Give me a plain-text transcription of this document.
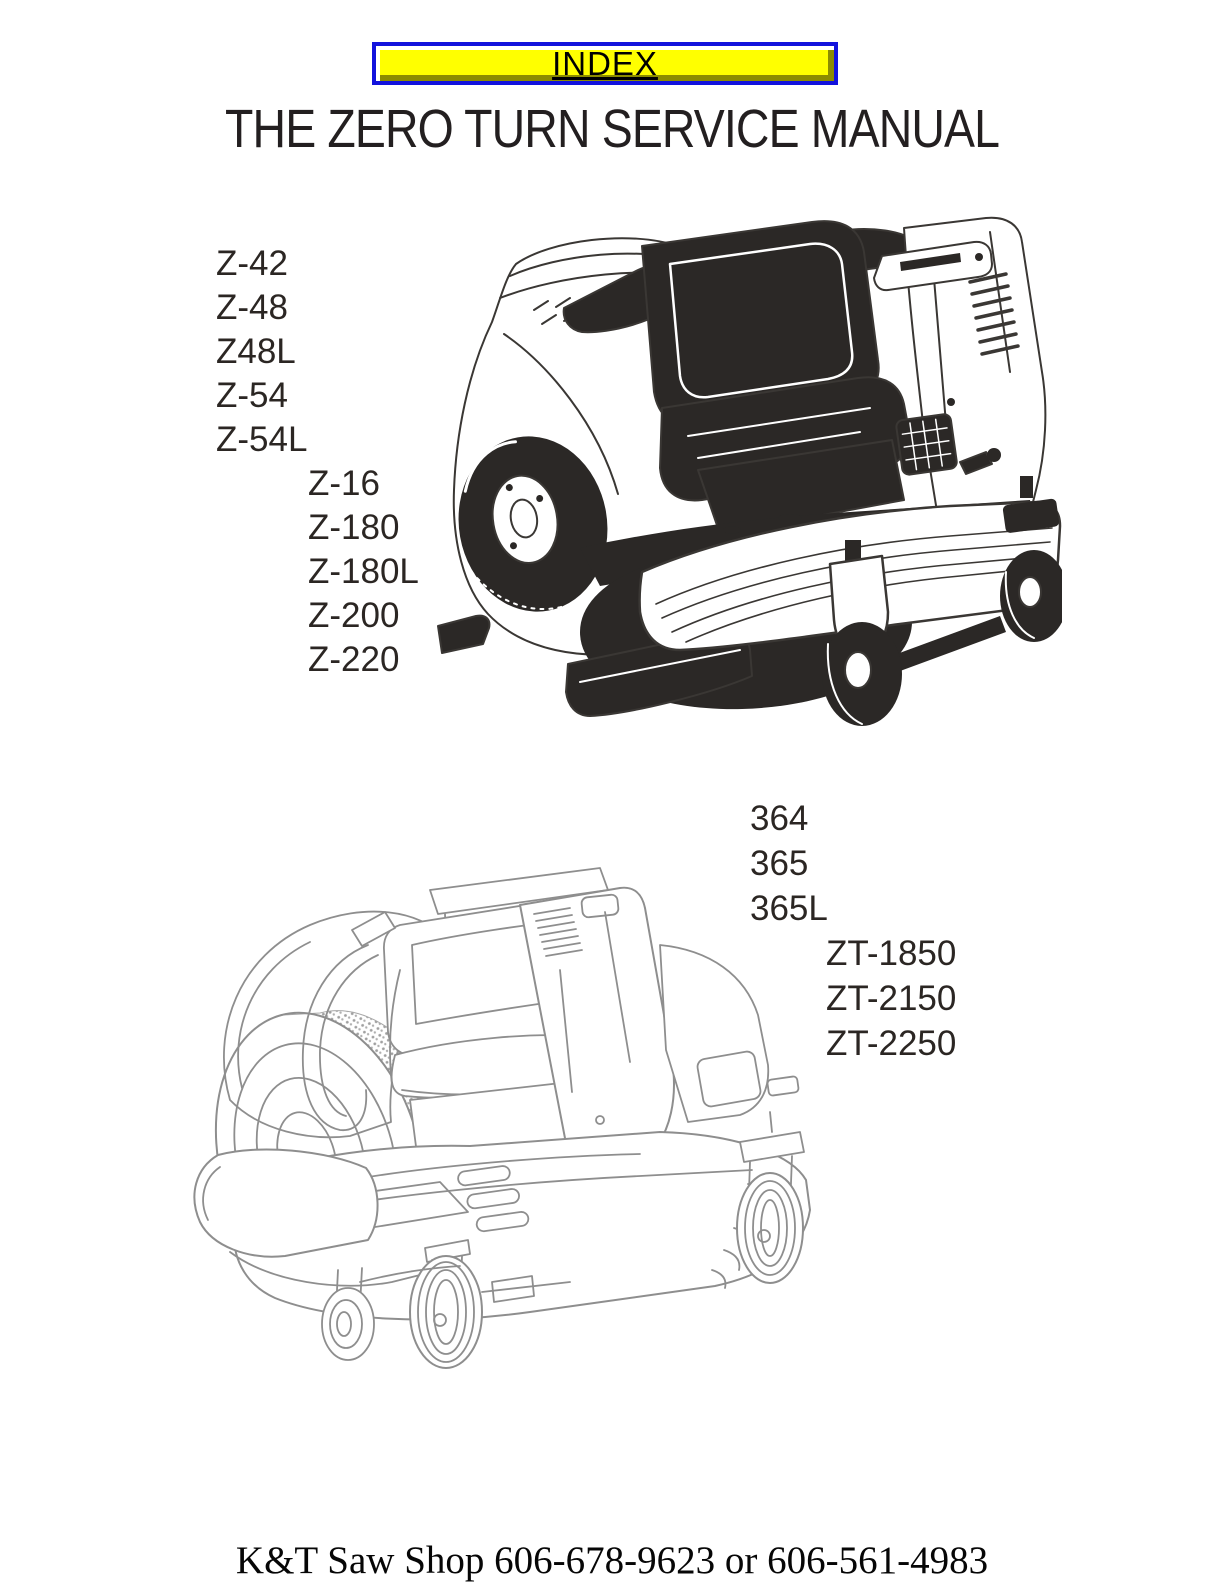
INDEX
THE ZERO TURN SERVICE MANUAL
Z-42
Z-48
Z48L
Z-54
Z-54L
Z-16
Z-180
Z-180L
Z-200
Z-220
364
365
365L
ZT-1850
ZT-2150
ZT-2250
K&T Saw Shop 606-678-9623 or 606-561-4983
